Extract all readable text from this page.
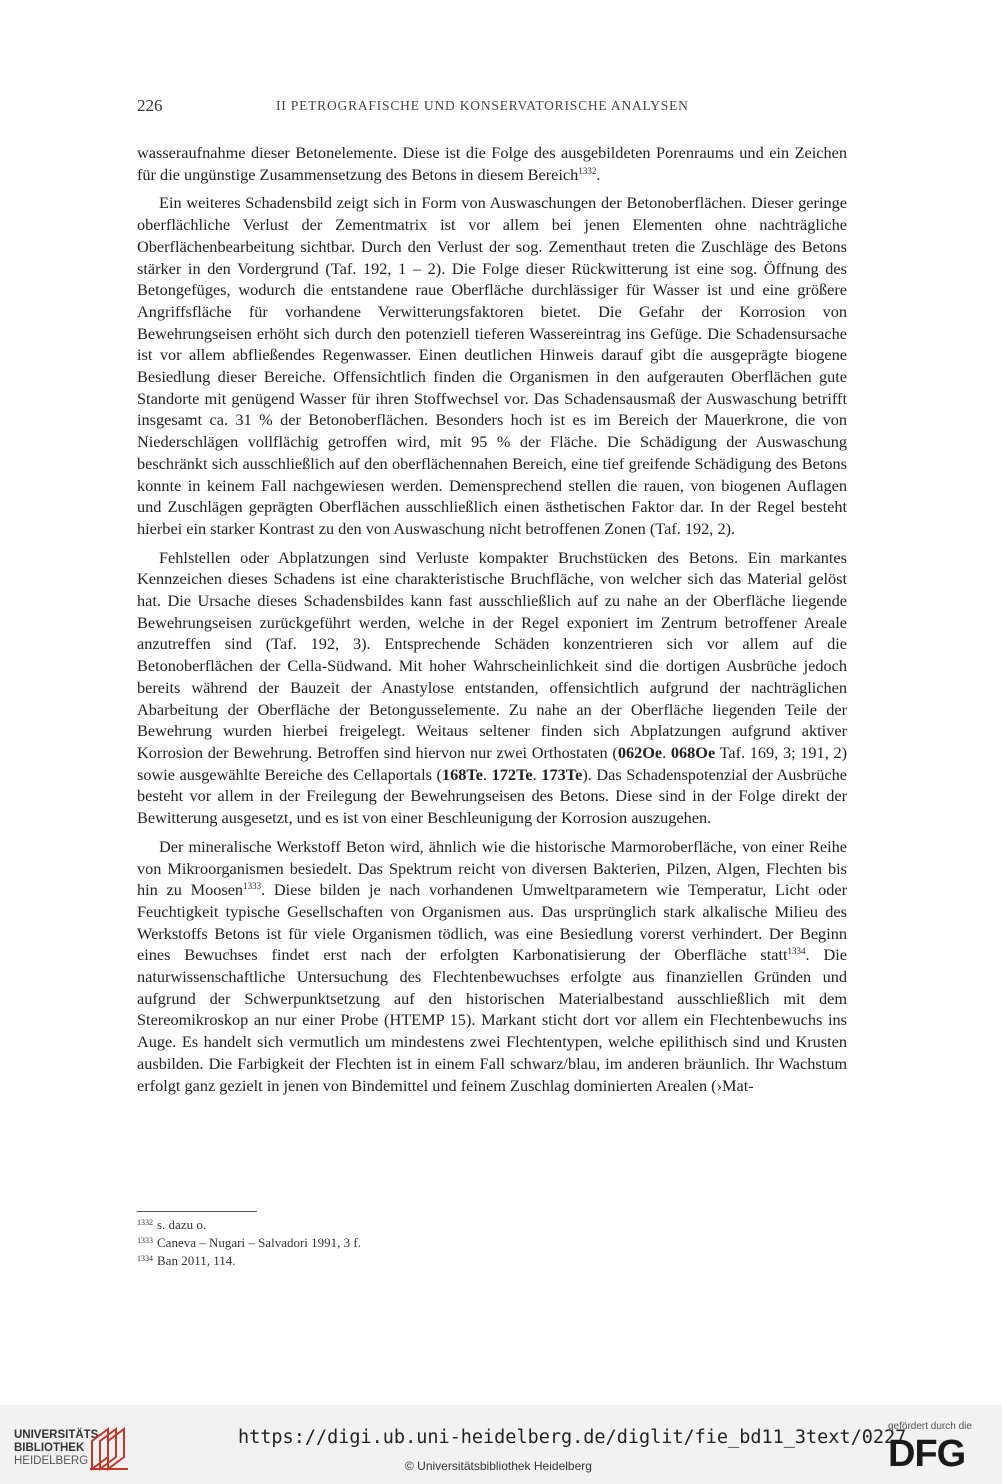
226	II PETROGRAFISCHE UND KONSERVATORISCHE ANALYSEN

wasseraufnahme dieser Betonelemente. Diese ist die Folge des ausgebildeten Porenraums und ein Zeichen für die ungünstige Zusammensetzung des Betons in diesem Bereich$^{1332}$.

Ein weiteres Schadensbild zeigt sich in Form von Auswaschungen der Betonoberflächen. Dieser geringe oberflächliche Verlust der Zementmatrix ist vor allem bei jenen Elementen ohne nachträgliche Oberflächenbearbeitung sichtbar. Durch den Verlust der sog. Zementhaut treten die Zuschläge des Betons stärker in den Vordergrund (Taf. 192, 1 – 2). Die Folge dieser Rückwitterung ist eine sog. Öffnung des Betongefüges, wodurch die entstandene raue Oberfläche durchlässiger für Wasser ist und eine größere Angriffsfläche für vorhandene Verwitterungsfaktoren bietet. Die Gefahr der Korrosion von Bewehrungseisen erhöht sich durch den potenziell tieferen Wassereintrag ins Gefüge. Die Schadensursache ist vor allem abfließendes Regenwasser. Einen deutlichen Hinweis darauf gibt die ausgeprägte biogene Besiedlung dieser Bereiche. Offensichtlich finden die Organismen in den aufgerauten Oberflächen gute Standorte mit genügend Wasser für ihren Stoffwechsel vor. Das Schadensausmaß der Auswaschung betrifft insgesamt ca. 31 % der Betonoberflächen. Besonders hoch ist es im Bereich der Mauerkrone, die von Niederschlägen vollflächig getroffen wird, mit 95 % der Fläche. Die Schädigung der Auswaschung beschränkt sich ausschließlich auf den oberflächennahen Bereich, eine tief greifende Schädigung des Betons konnte in keinem Fall nachgewiesen werden. Demensprechend stellen die rauen, von biogenen Auflagen und Zuschlägen geprägten Oberflächen ausschließlich einen ästhetischen Faktor dar. In der Regel besteht hierbei ein starker Kontrast zu den von Auswaschung nicht betroffenen Zonen (Taf. 192, 2).

Fehlstellen oder Abplatzungen sind Verluste kompakter Bruchstücken des Betons. Ein markantes Kennzeichen dieses Schadens ist eine charakteristische Bruchfläche, von welcher sich das Material gelöst hat. Die Ursache dieses Schadensbildes kann fast ausschließlich auf zu nahe an der Oberfläche liegende Bewehrungseisen zurückgeführt werden, welche in der Regel exponiert im Zentrum betroffener Areale anzutreffen sind (Taf. 192, 3). Entsprechende Schäden konzentrieren sich vor allem auf die Betonoberflächen der Cella-Südwand. Mit hoher Wahrscheinlichkeit sind die dortigen Ausbrüche jedoch bereits während der Bauzeit der Anastylose entstanden, offensichtlich aufgrund der nachträglichen Abarbeitung der Oberfläche der Betongusselemente. Zu nahe an der Oberfläche liegenden Teile der Bewehrung wurden hierbei freigelegt. Weitaus seltener finden sich Abplatzungen aufgrund aktiver Korrosion der Bewehrung. Betroffen sind hiervon nur zwei Orthostaten (062Oe. 068Oe Taf. 169, 3; 191, 2) sowie ausgewählte Bereiche des Cellaportals (168Te. 172Te. 173Te). Das Schadenspotenzial der Ausbrüche besteht vor allem in der Freilegung der Bewehrungseisen des Betons. Diese sind in der Folge direkt der Bewitterung ausgesetzt, und es ist von einer Beschleunigung der Korrosion auszugehen.

Der mineralische Werkstoff Beton wird, ähnlich wie die historische Marmoroberfläche, von einer Reihe von Mikroorganismen besiedelt. Das Spektrum reicht von diversen Bakterien, Pilzen, Algen, Flechten bis hin zu Moosen$^{1333}$. Diese bilden je nach vorhandenen Umweltparametern wie Temperatur, Licht oder Feuchtigkeit typische Gesellschaften von Organismen aus. Das ursprünglich stark alkalische Milieu des Werkstoffs Betons ist für viele Organismen tödlich, was eine Besiedlung vorerst verhindert. Der Beginn eines Bewuchses findet erst nach der erfolgten Karbonatisierung der Oberfläche statt$^{1334}$. Die naturwissenschaftliche Untersuchung des Flechtenbewuchses erfolgte aus finanziellen Gründen und aufgrund der Schwerpunktsetzung auf den historischen Materialbestand ausschließlich mit dem Stereomikroskop an nur einer Probe (HTEMP 15). Markant sticht dort vor allem ein Flechtenbewuchs ins Auge. Es handelt sich vermutlich um mindestens zwei Flechtentypen, welche epilithisch sind und Krusten ausbilden. Die Farbigkeit der Flechten ist in einem Fall schwarz/blau, im anderen bräunlich. Ihr Wachstum erfolgt ganz gezielt in jenen von Bindemittel und feinem Zuschlag dominierten Arealen (›Mat-

$^{1332}$ s. dazu o.
$^{1333}$ Caneva – Nugari – Salvadori 1991, 3 f.
$^{1334}$ Ban 2011, 114.
UNIVERSITÄTS-
BIBLIOTHEK
HEIDELBERG
https://digi.ub.uni-heidelberg.de/diglit/fie_bd11_3text/0227
© Universitätsbibliothek Heidelberg
gefördert durch die
DFG
